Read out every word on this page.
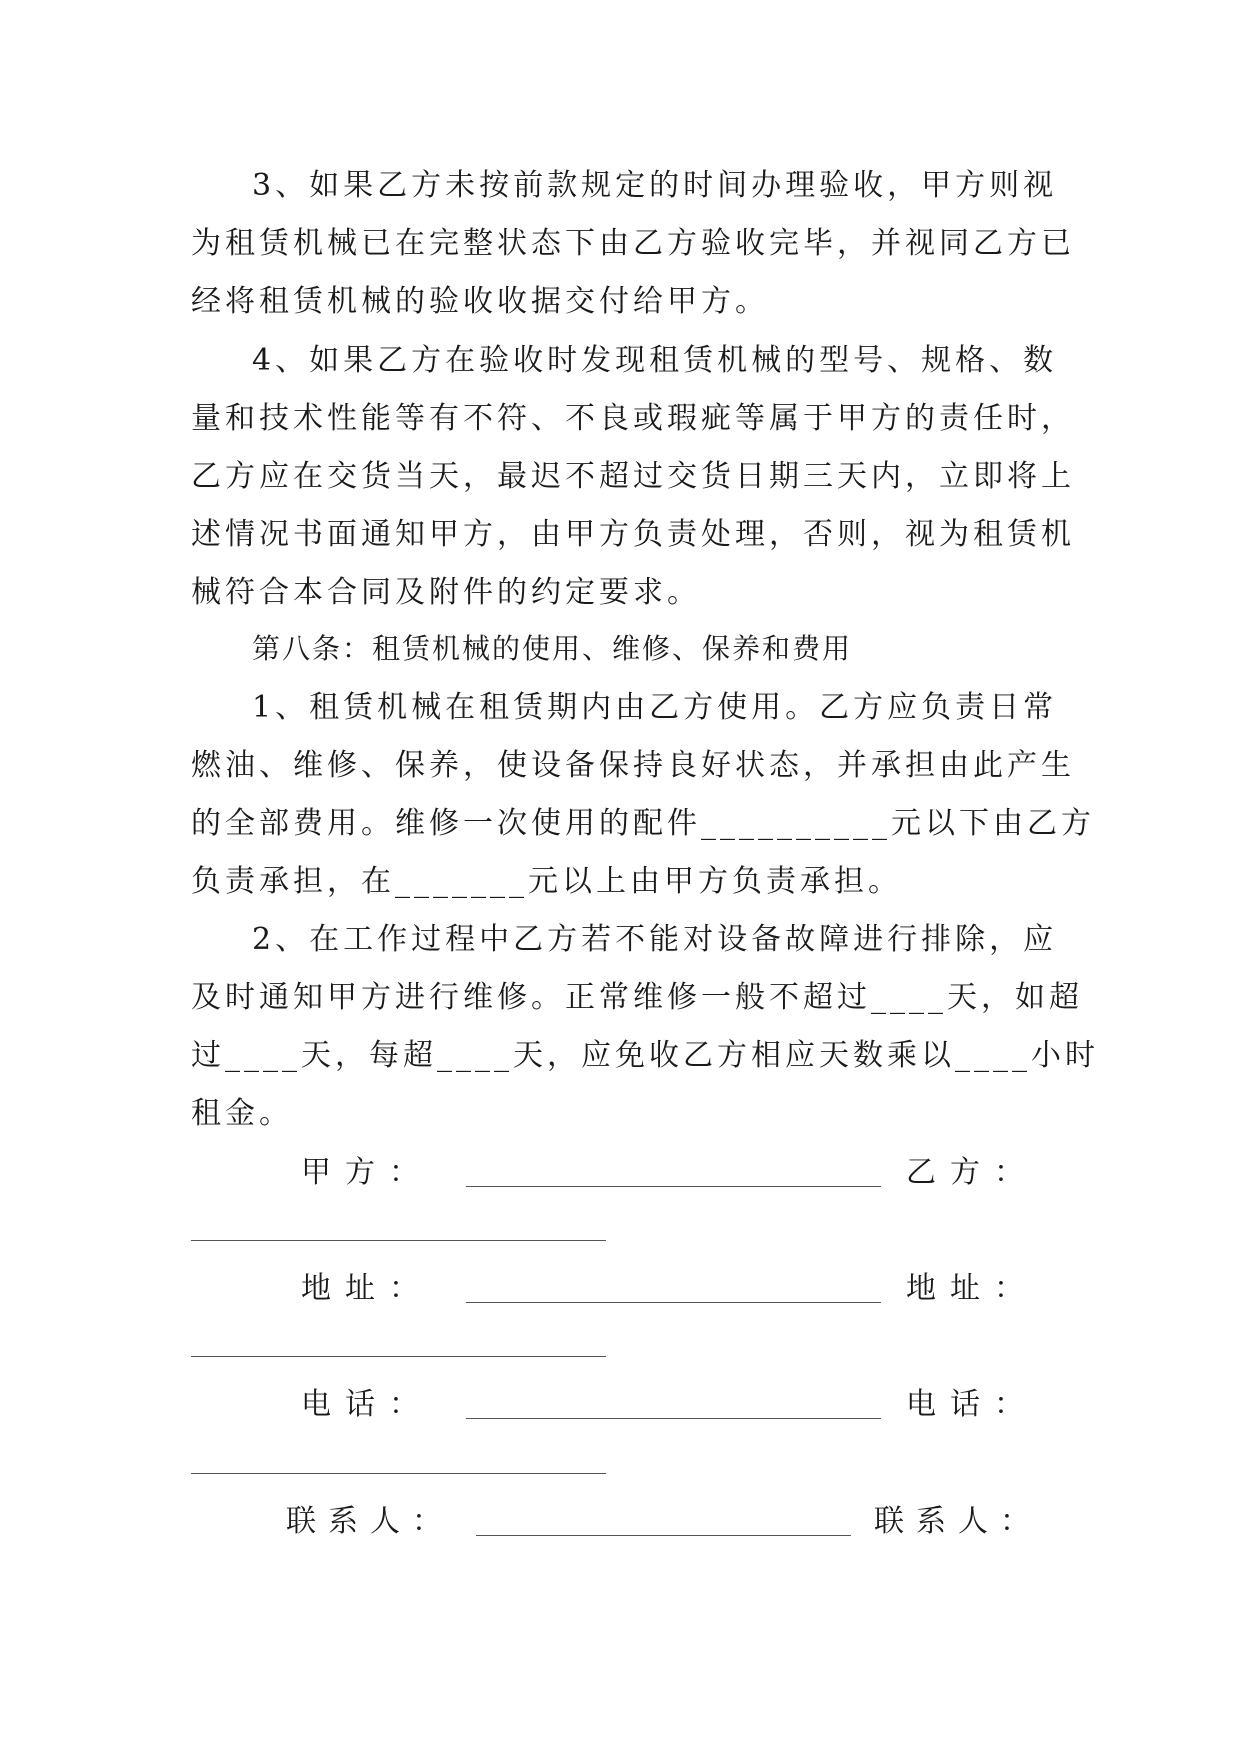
3、如果乙方未按前款规定的时间办理验收，甲方则视
为租赁机械已在完整状态下由乙方验收完毕，并视同乙方已
经将租赁机械的验收收据交付给甲方。
4、如果乙方在验收时发现租赁机械的型号、规格、数
量和技术性能等有不符、不良或瑕疵等属于甲方的责任时，
乙方应在交货当天，最迟不超过交货日期三天内，立即将上
述情况书面通知甲方，由甲方负责处理，否则，视为租赁机
械符合本合同及附件的约定要求。
第八条：租赁机械的使用、维修、保养和费用
1、租赁机械在租赁期内由乙方使用。乙方应负责日常
燃油、维修、保养，使设备保持良好状态，并承担由此产生
的全部费用。维修一次使用的配件__________元以下由乙方
负责承担，在_______元以上由甲方负责承担。
2、在工作过程中乙方若不能对设备故障进行排除，应
及时通知甲方进行维修。正常维修一般不超过____天，如超
过____天，每超____天，应免收乙方相应天数乘以____小时
租金。
甲方：	乙方：
地址：	地址：
电话：	电话：
联系人：	联系人：
